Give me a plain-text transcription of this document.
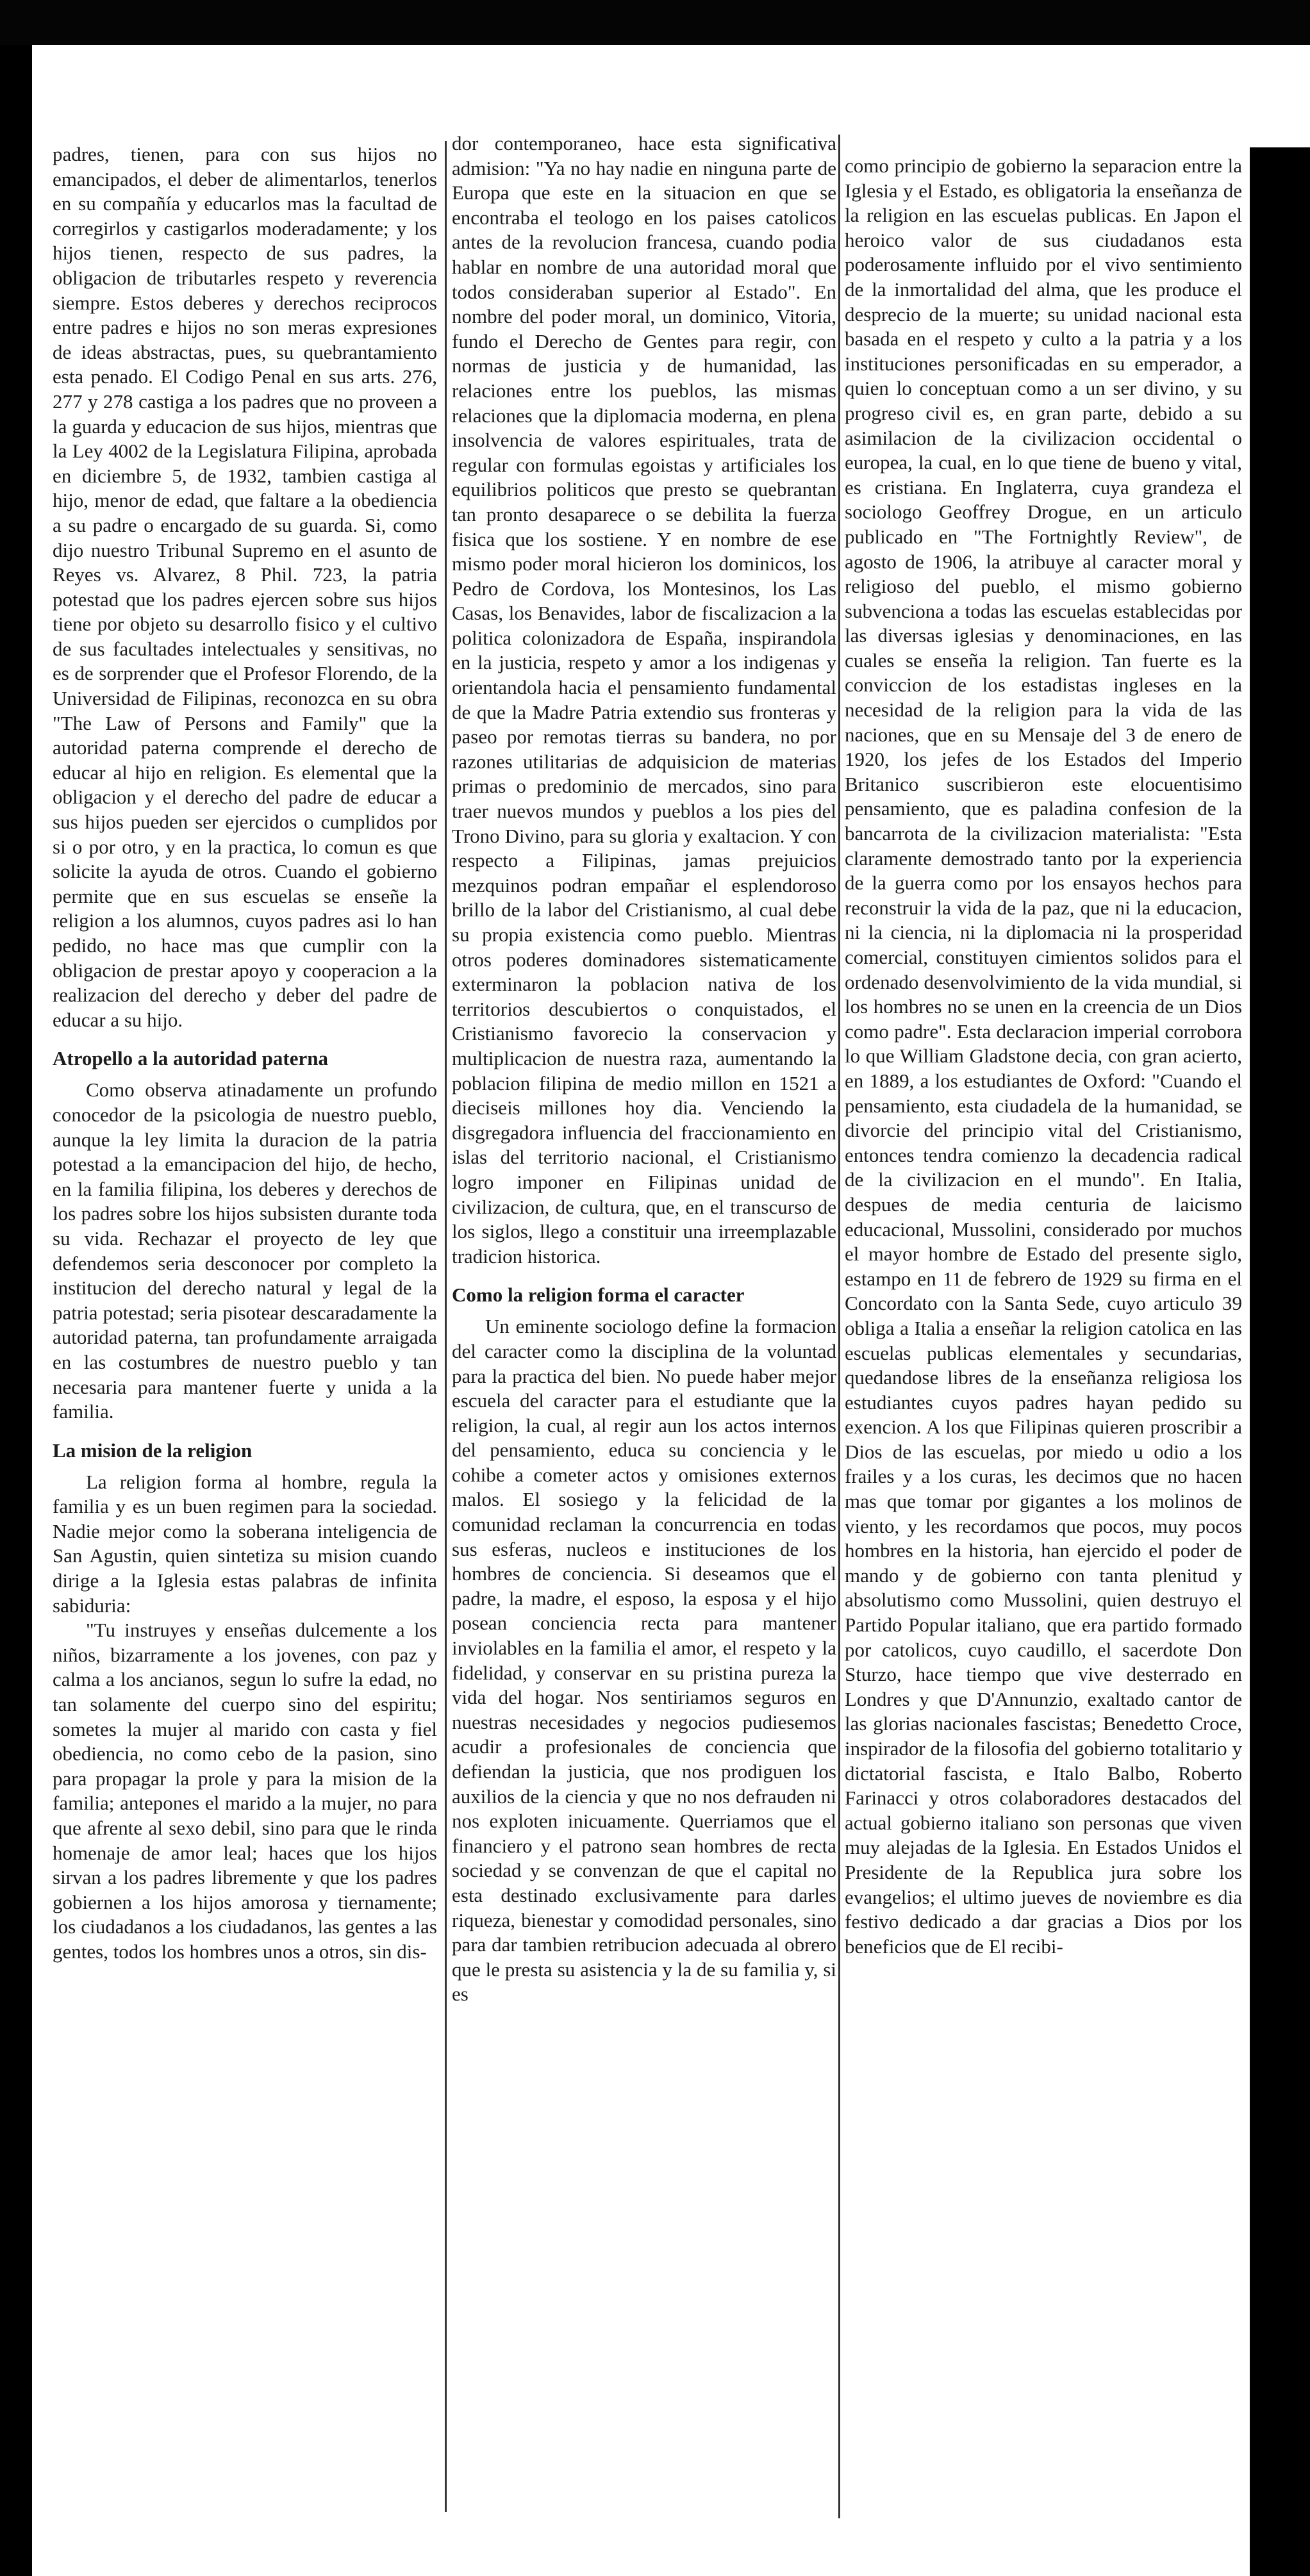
padres, tienen, para con sus hijos no emancipados, el deber de alimentarlos, tenerlos en su compañía y educarlos mas la facultad de corregirlos y castigarlos moderadamente; y los hijos tienen, respecto de sus padres, la obligacion de tributarles respeto y reverencia siempre. Estos deberes y derechos reciprocos entre padres e hijos no son meras expresiones de ideas abstractas, pues, su quebrantamiento esta penado. El Codigo Penal en sus arts. 276, 277 y 278 castiga a los padres que no proveen a la guarda y educacion de sus hijos, mientras que la Ley 4002 de la Legislatura Filipina, aprobada en diciembre 5, de 1932, tambien castiga al hijo, menor de edad, que faltare a la obediencia a su padre o encargado de su guarda. Si, como dijo nuestro Tribunal Supremo en el asunto de Reyes vs. Alvarez, 8 Phil. 723, la patria potestad que los padres ejercen sobre sus hijos tiene por objeto su desarrollo fisico y el cultivo de sus facultades intelectuales y sensitivas, no es de sorprender que el Profesor Florendo, de la Universidad de Filipinas, reconozca en su obra "The Law of Persons and Family" que la autoridad paterna comprende el derecho de educar al hijo en religion. Es elemental que la obligacion y el derecho del padre de educar a sus hijos pueden ser ejercidos o cumplidos por si o por otro, y en la practica, lo comun es que solicite la ayuda de otros. Cuando el gobierno permite que en sus escuelas se enseñe la religion a los alumnos, cuyos padres asi lo han pedido, no hace mas que cumplir con la obligacion de prestar apoyo y cooperacion a la realizacion del derecho y deber del padre de educar a su hijo.

Atropello a la autoridad paterna

Como observa atinadamente un profundo conocedor de la psicologia de nuestro pueblo, aunque la ley limita la duracion de la patria potestad a la emancipacion del hijo, de hecho, en la familia filipina, los deberes y derechos de los padres sobre los hijos subsisten durante toda su vida. Rechazar el proyecto de ley que defendemos seria desconocer por completo la institucion del derecho natural y legal de la patria potestad; seria pisotear descaradamente la autoridad paterna, tan profundamente arraigada en las costumbres de nuestro pueblo y tan necesaria para mantener fuerte y unida a la familia.

La mision de la religion

La religion forma al hombre, regula la familia y es un buen regimen para la sociedad. Nadie mejor como la soberana inteligencia de San Agustin, quien sintetiza su mision cuando dirige a la Iglesia estas palabras de infinita sabiduria:

"Tu instruyes y enseñas dulcemente a los niños, bizarramente a los jovenes, con paz y calma a los ancianos, segun lo sufre la edad, no tan solamente del cuerpo sino del espiritu; sometes la mujer al marido con casta y fiel obediencia, no como cebo de la pasion, sino para propagar la prole y para la mision de la familia; antepones el marido a la mujer, no para que afrente al sexo debil, sino para que le rinda homenaje de amor leal; haces que los hijos sirvan a los padres libremente y que los padres gobiernen a los hijos amorosa y tiernamente; los ciudadanos a los ciudadanos, las gentes a las gentes, todos los hombres unos a otros, sin dis-

dor contemporaneo, hace esta significativa admision: "Ya no hay nadie en ninguna parte de Europa que este en la situacion en que se encontraba el teologo en los paises catolicos antes de la revolucion francesa, cuando podia hablar en nombre de una autoridad moral que todos consideraban superior al Estado". En nombre del poder moral, un dominico, Vitoria, fundo el Derecho de Gentes para regir, con normas de justicia y de humanidad, las relaciones entre los pueblos, las mismas relaciones que la diplomacia moderna, en plena insolvencia de valores espirituales, trata de regular con formulas egoistas y artificiales los equilibrios politicos que presto se quebrantan tan pronto desaparece o se debilita la fuerza fisica que los sostiene. Y en nombre de ese mismo poder moral hicieron los dominicos, los Pedro de Cordova, los Montesinos, los Las Casas, los Benavides, labor de fiscalizacion a la politica colonizadora de España, inspirandola en la justicia, respeto y amor a los indigenas y orientandola hacia el pensamiento fundamental de que la Madre Patria extendio sus fronteras y paseo por remotas tierras su bandera, no por razones utilitarias de adquisicion de materias primas o predominio de mercados, sino para traer nuevos mundos y pueblos a los pies del Trono Divino, para su gloria y exaltacion. Y con respecto a Filipinas, jamas prejuicios mezquinos podran empañar el esplendoroso brillo de la labor del Cristianismo, al cual debe su propia existencia como pueblo. Mientras otros poderes dominadores sistematicamente exterminaron la poblacion nativa de los territorios descubiertos o conquistados, el Cristianismo favorecio la conservacion y multiplicacion de nuestra raza, aumentando la poblacion filipina de medio millon en 1521 a dieciseis millones hoy dia. Venciendo la disgregadora influencia del fraccionamiento en islas del territorio nacional, el Cristianismo logro imponer en Filipinas unidad de civilizacion, de cultura, que, en el transcurso de los siglos, llego a constituir una irreemplazable tradicion historica.

Como la religion forma el caracter

Un eminente sociologo define la formacion del caracter como la disciplina de la voluntad para la practica del bien. No puede haber mejor escuela del caracter para el estudiante que la religion, la cual, al regir aun los actos internos del pensamiento, educa su conciencia y le cohibe a cometer actos y omisiones externos malos. El sosiego y la felicidad de la comunidad reclaman la concurrencia en todas sus esferas, nucleos e instituciones de los hombres de conciencia. Si deseamos que el padre, la madre, el esposo, la esposa y el hijo posean conciencia recta para mantener inviolables en la familia el amor, el respeto y la fidelidad, y conservar en su pristina pureza la vida del hogar. Nos sentiriamos seguros en nuestras necesidades y negocios pudiesemos acudir a profesionales de conciencia que defiendan la justicia, que nos prodiguen los auxilios de la ciencia y que no nos defrauden ni nos exploten inicuamente. Querriamos que el financiero y el patrono sean hombres de recta sociedad y se convenzan de que el capital no esta destinado exclusivamente para darles riqueza, bienestar y comodidad personales, sino para dar tambien retribucion adecuada al obrero que le presta su asistencia y la de su familia y, si es

como principio de gobierno la separacion entre la Iglesia y el Estado, es obligatoria la enseñanza de la religion en las escuelas publicas. En Japon el heroico valor de sus ciudadanos esta poderosamente influido por el vivo sentimiento de la inmortalidad del alma, que les produce el desprecio de la muerte; su unidad nacional esta basada en el respeto y culto a la patria y a los instituciones personificadas en su emperador, a quien lo conceptuan como a un ser divino, y su progreso civil es, en gran parte, debido a su asimilacion de la civilizacion occidental o europea, la cual, en lo que tiene de bueno y vital, es cristiana. En Inglaterra, cuya grandeza el sociologo Geoffrey Drogue, en un articulo publicado en "The Fortnightly Review", de agosto de 1906, la atribuye al caracter moral y religioso del pueblo, el mismo gobierno subvenciona a todas las escuelas establecidas por las diversas iglesias y denominaciones, en las cuales se enseña la religion. Tan fuerte es la conviccion de los estadistas ingleses en la necesidad de la religion para la vida de las naciones, que en su Mensaje del 3 de enero de 1920, los jefes de los Estados del Imperio Britanico suscribieron este elocuentisimo pensamiento, que es paladina confesion de la bancarrota de la civilizacion materialista: "Esta claramente demostrado tanto por la experiencia de la guerra como por los ensayos hechos para reconstruir la vida de la paz, que ni la educacion, ni la ciencia, ni la diplomacia ni la prosperidad comercial, constituyen cimientos solidos para el ordenado desenvolvimiento de la vida mundial, si los hombres no se unen en la creencia de un Dios como padre". Esta declaracion imperial corrobora lo que William Gladstone decia, con gran acierto, en 1889, a los estudiantes de Oxford: "Cuando el pensamiento, esta ciudadela de la humanidad, se divorcie del principio vital del Cristianismo, entonces tendra comienzo la decadencia radical de la civilizacion en el mundo". En Italia, despues de media centuria de laicismo educacional, Mussolini, considerado por muchos el mayor hombre de Estado del presente siglo, estampo en 11 de febrero de 1929 su firma en el Concordato con la Santa Sede, cuyo articulo 39 obliga a Italia a enseñar la religion catolica en las escuelas publicas elementales y secundarias, quedandose libres de la enseñanza religiosa los estudiantes cuyos padres hayan pedido su exencion. A los que Filipinas quieren proscribir a Dios de las escuelas, por miedo u odio a los frailes y a los curas, les decimos que no hacen mas que tomar por gigantes a los molinos de viento, y les recordamos que pocos, muy pocos hombres en la historia, han ejercido el poder de mando y de gobierno con tanta plenitud y absolutismo como Mussolini, quien destruyo el Partido Popular italiano, que era partido formado por catolicos, cuyo caudillo, el sacerdote Don Sturzo, hace tiempo que vive desterrado en Londres y que D'Annunzio, exaltado cantor de las glorias nacionales fascistas; Benedetto Croce, inspirador de la filosofia del gobierno totalitario y dictatorial fascista, e Italo Balbo, Roberto Farinacci y otros colaboradores destacados del actual gobierno italiano son personas que viven muy alejadas de la Iglesia. En Estados Unidos el Presidente de la Republica jura sobre los evangelios; el ultimo jueves de noviembre es dia festivo dedicado a dar gracias a Dios por los beneficios que de El recibi-
